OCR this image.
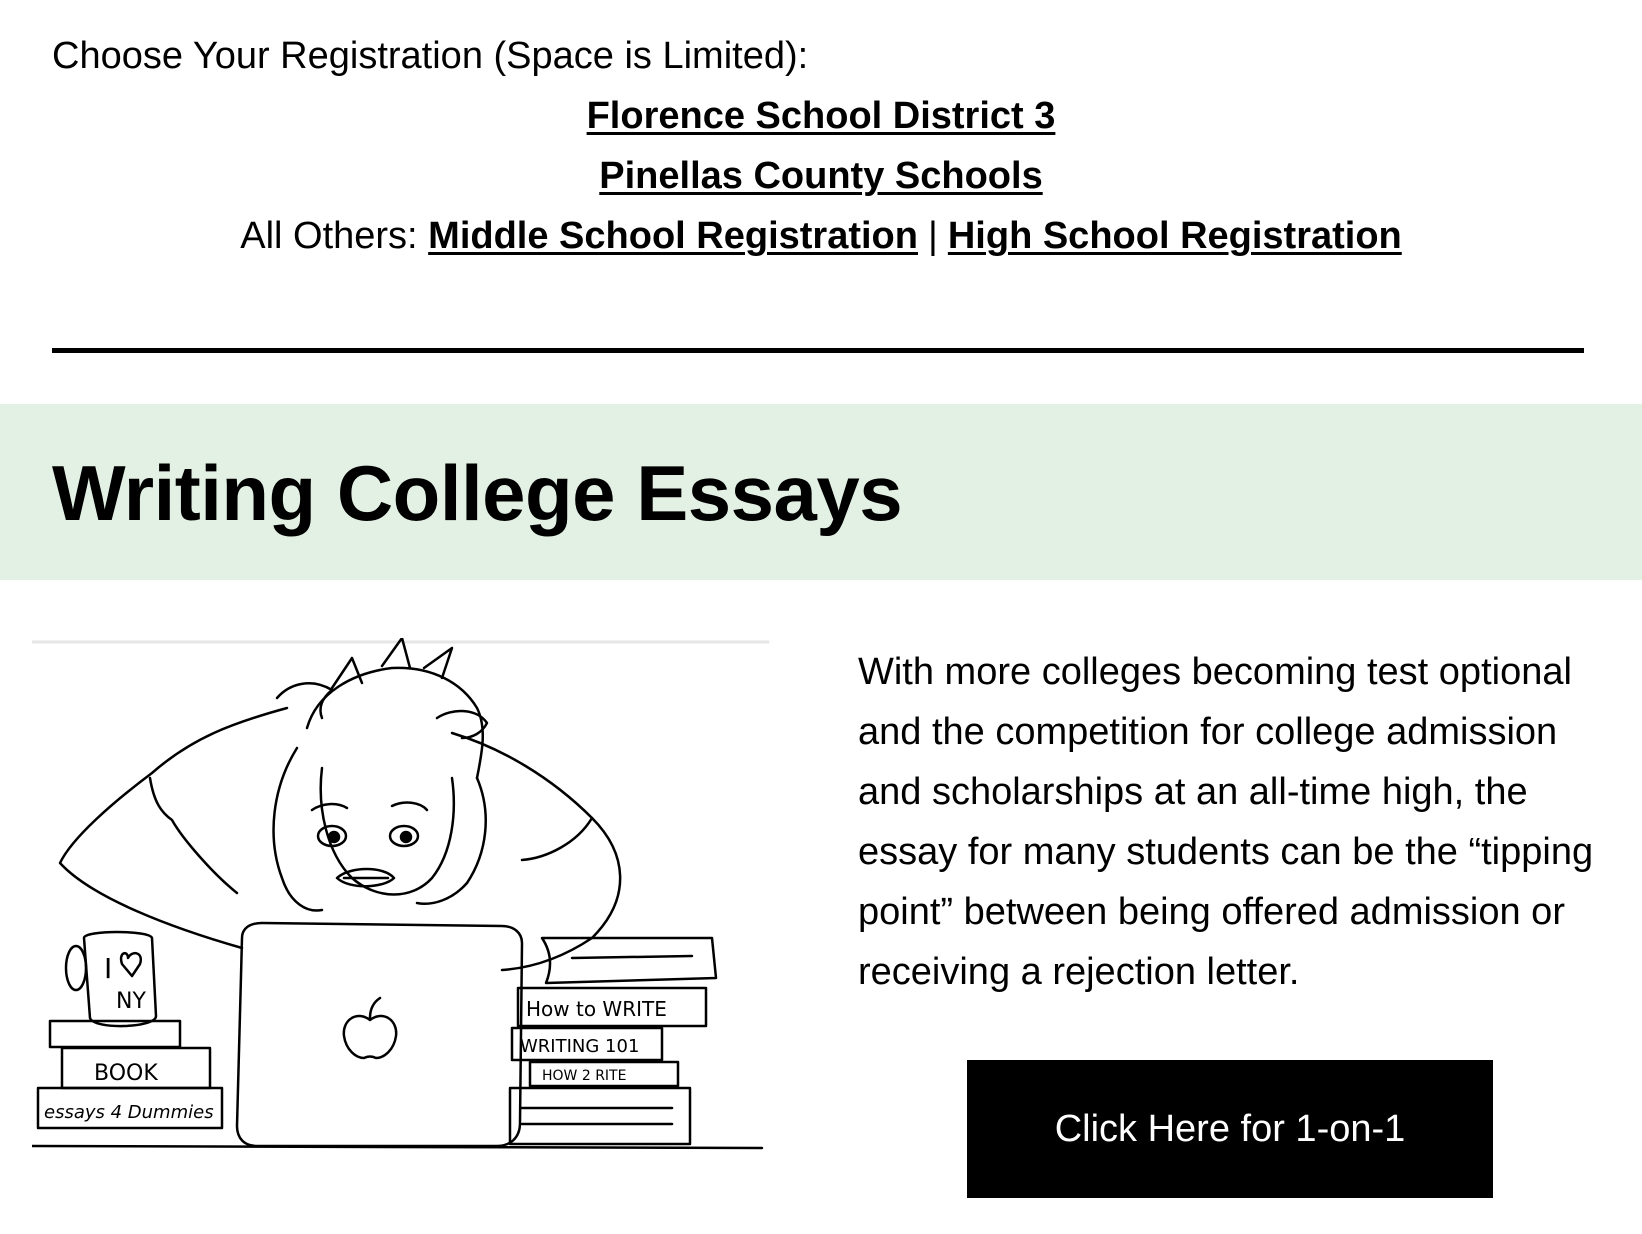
Choose Your Registration (Space is Limited):
Florence School District 3
Pinellas County Schools
All Others: Middle School Registration | High School Registration
Writing College Essays
I
NY
BOOK
essays 4 Dummies
How to WRITE
WRITING 101
HOW 2 RITE
With more colleges becoming test optional and the competition for college admission and scholarships at an all-time high, the essay for many students can be the “tipping point” between being offered admission or receiving a rejection letter.
Click Here for 1-on-1
